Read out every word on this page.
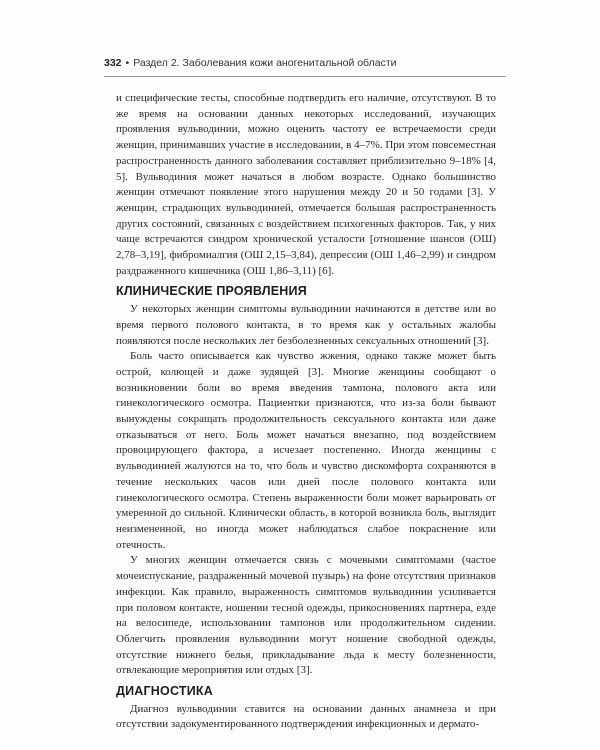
332 • Раздел 2. Заболевания кожи аногенитальной области

и специфические тесты, способные подтвердить его наличие, отсутствуют. В то же время на основании данных некоторых исследований, изучающих проявления вульводинии, можно оценить частоту ее встречаемости среди женщин, принимавших участие в исследовании, в 4–7%. При этом повсеместная распространенность данного заболевания составляет приблизительно 9–18% [4, 5]. Вульводиния может начаться в любом возрасте. Однако большинство женщин отмечают появление этого нарушения между 20 и 50 годами [3]. У женщин, страдающих вульводинией, отмечается большая распространенность других состояний, связанных с воздействием психогенных факторов. Так, у них чаще встречаются синдром хронической усталости [отношение шансов (ОШ) 2,78–3,19], фибромиалгия (ОШ 2,15–3,84), депрессия (ОШ 1,46–2,99) и синдром раздраженного кишечника (ОШ 1,86–3,11) [6].

КЛИНИЧЕСКИЕ ПРОЯВЛЕНИЯ

У некоторых женщин симптомы вульводинии начинаются в детстве или во время первого полового контакта, в то время как у остальных жалобы появляются после нескольких лет безболезненных сексуальных отношений [3].

Боль часто описывается как чувство жжения, однако также может быть острой, колющей и даже зудящей [3]. Многие женщины сообщают о возникновении боли во время введения тампона, полового акта или гинекологического осмотра. Пациентки признаются, что из-за боли бывают вынуждены сокращать продолжительность сексуального контакта или даже отказываться от него. Боль может начаться внезапно, под воздействием провоцирующего фактора, а исчезает постепенно. Иногда женщины с вульводинией жалуются на то, что боль и чувство дискомфорта сохраняются в течение нескольких часов или дней после полового контакта или гинекологического осмотра. Степень выраженности боли может варьировать от умеренной до сильной. Клинически область, в которой возникла боль, выглядит неизмененной, но иногда может наблюдаться слабое покраснение или отечность.

У многих женщин отмечается связь с мочевыми симптомами (частое мочеиспускание, раздраженный мочевой пузырь) на фоне отсутствия признаков инфекции. Как правило, выраженность симптомов вульводинии усиливается при половом контакте, ношении тесной одежды, прикосновениях партнера, езде на велосипеде, использовании тампонов или продолжительном сидении. Облегчить проявления вульводинии могут ношение свободной одежды, отсутствие нижнего белья, прикладывание льда к месту болезненности, отвлекающие мероприятия или отдых [3].

ДИАГНОСТИКА

Диагноз вульводинии ставится на основании данных анамнеза и при отсутствии задокументированного подтверждения инфекционных и дермато-
